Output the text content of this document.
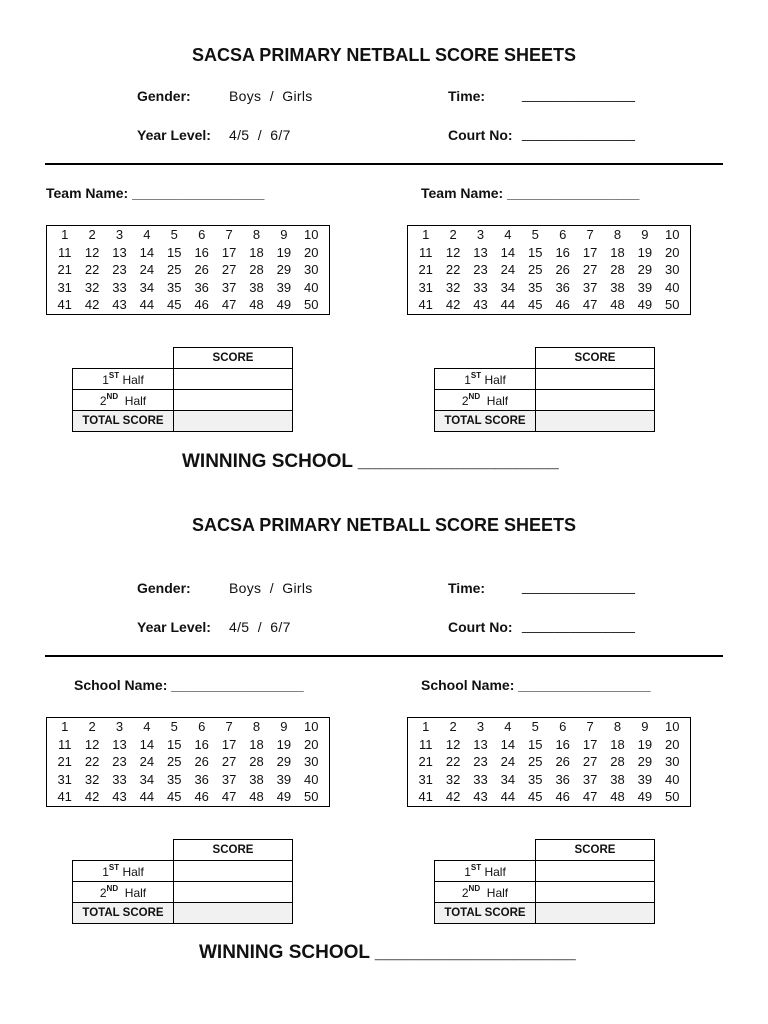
SACSA PRIMARY NETBALL SCORE SHEETS
Gender:	Boys  /  Girls	Time:	______________
Year Level: 4/5  /  6/7	Court No: ______________
Team Name: _________________	Team Name: _________________
1	2	3	4	5	6	7	8	9	10
11	12 13 14 15 16 17 18 19 20
21 22 23 24 25 26 27 28 29 30
31 32 33 34 35 36 37 38 39 40
41 42 43 44 45 46 47 48 49 50
1	2	3	4	5	6	7	8	9	10
11	12 13 14 15 16 17 18 19 20
21 22 23 24 25 26 27 28 29 30
31 32 33 34 35 36 37 38 39 40
41 42 43 44 45 46 47 48 49 50
	SCORE
1ST Half	
2ND  Half	
TOTAL SCORE	
	SCORE
1ST Half	
2ND  Half	
TOTAL SCORE	
WINNING SCHOOL ___________________
SACSA PRIMARY NETBALL SCORE SHEETS
Gender:	Boys  /  Girls	Time:	______________
Year Level: 4/5  /  6/7	Court No: ______________
School Name: _________________	School Name: _________________
1	2	3	4	5	6	7	8	9	10
11	12 13 14 15 16 17 18 19 20
21 22 23 24 25 26 27 28 29 30
31 32 33 34 35 36 37 38 39 40
41 42 43 44 45 46 47 48 49 50
1	2	3	4	5	6	7	8	9	10
11	12 13 14 15 16 17 18 19 20
21 22 23 24 25 26 27 28 29 30
31 32 33 34 35 36 37 38 39 40
41 42 43 44 45 46 47 48 49 50
	SCORE
1ST Half	
2ND  Half	
TOTAL SCORE	
	SCORE
1ST Half	
2ND  Half	
TOTAL SCORE	
WINNING SCHOOL ___________________
